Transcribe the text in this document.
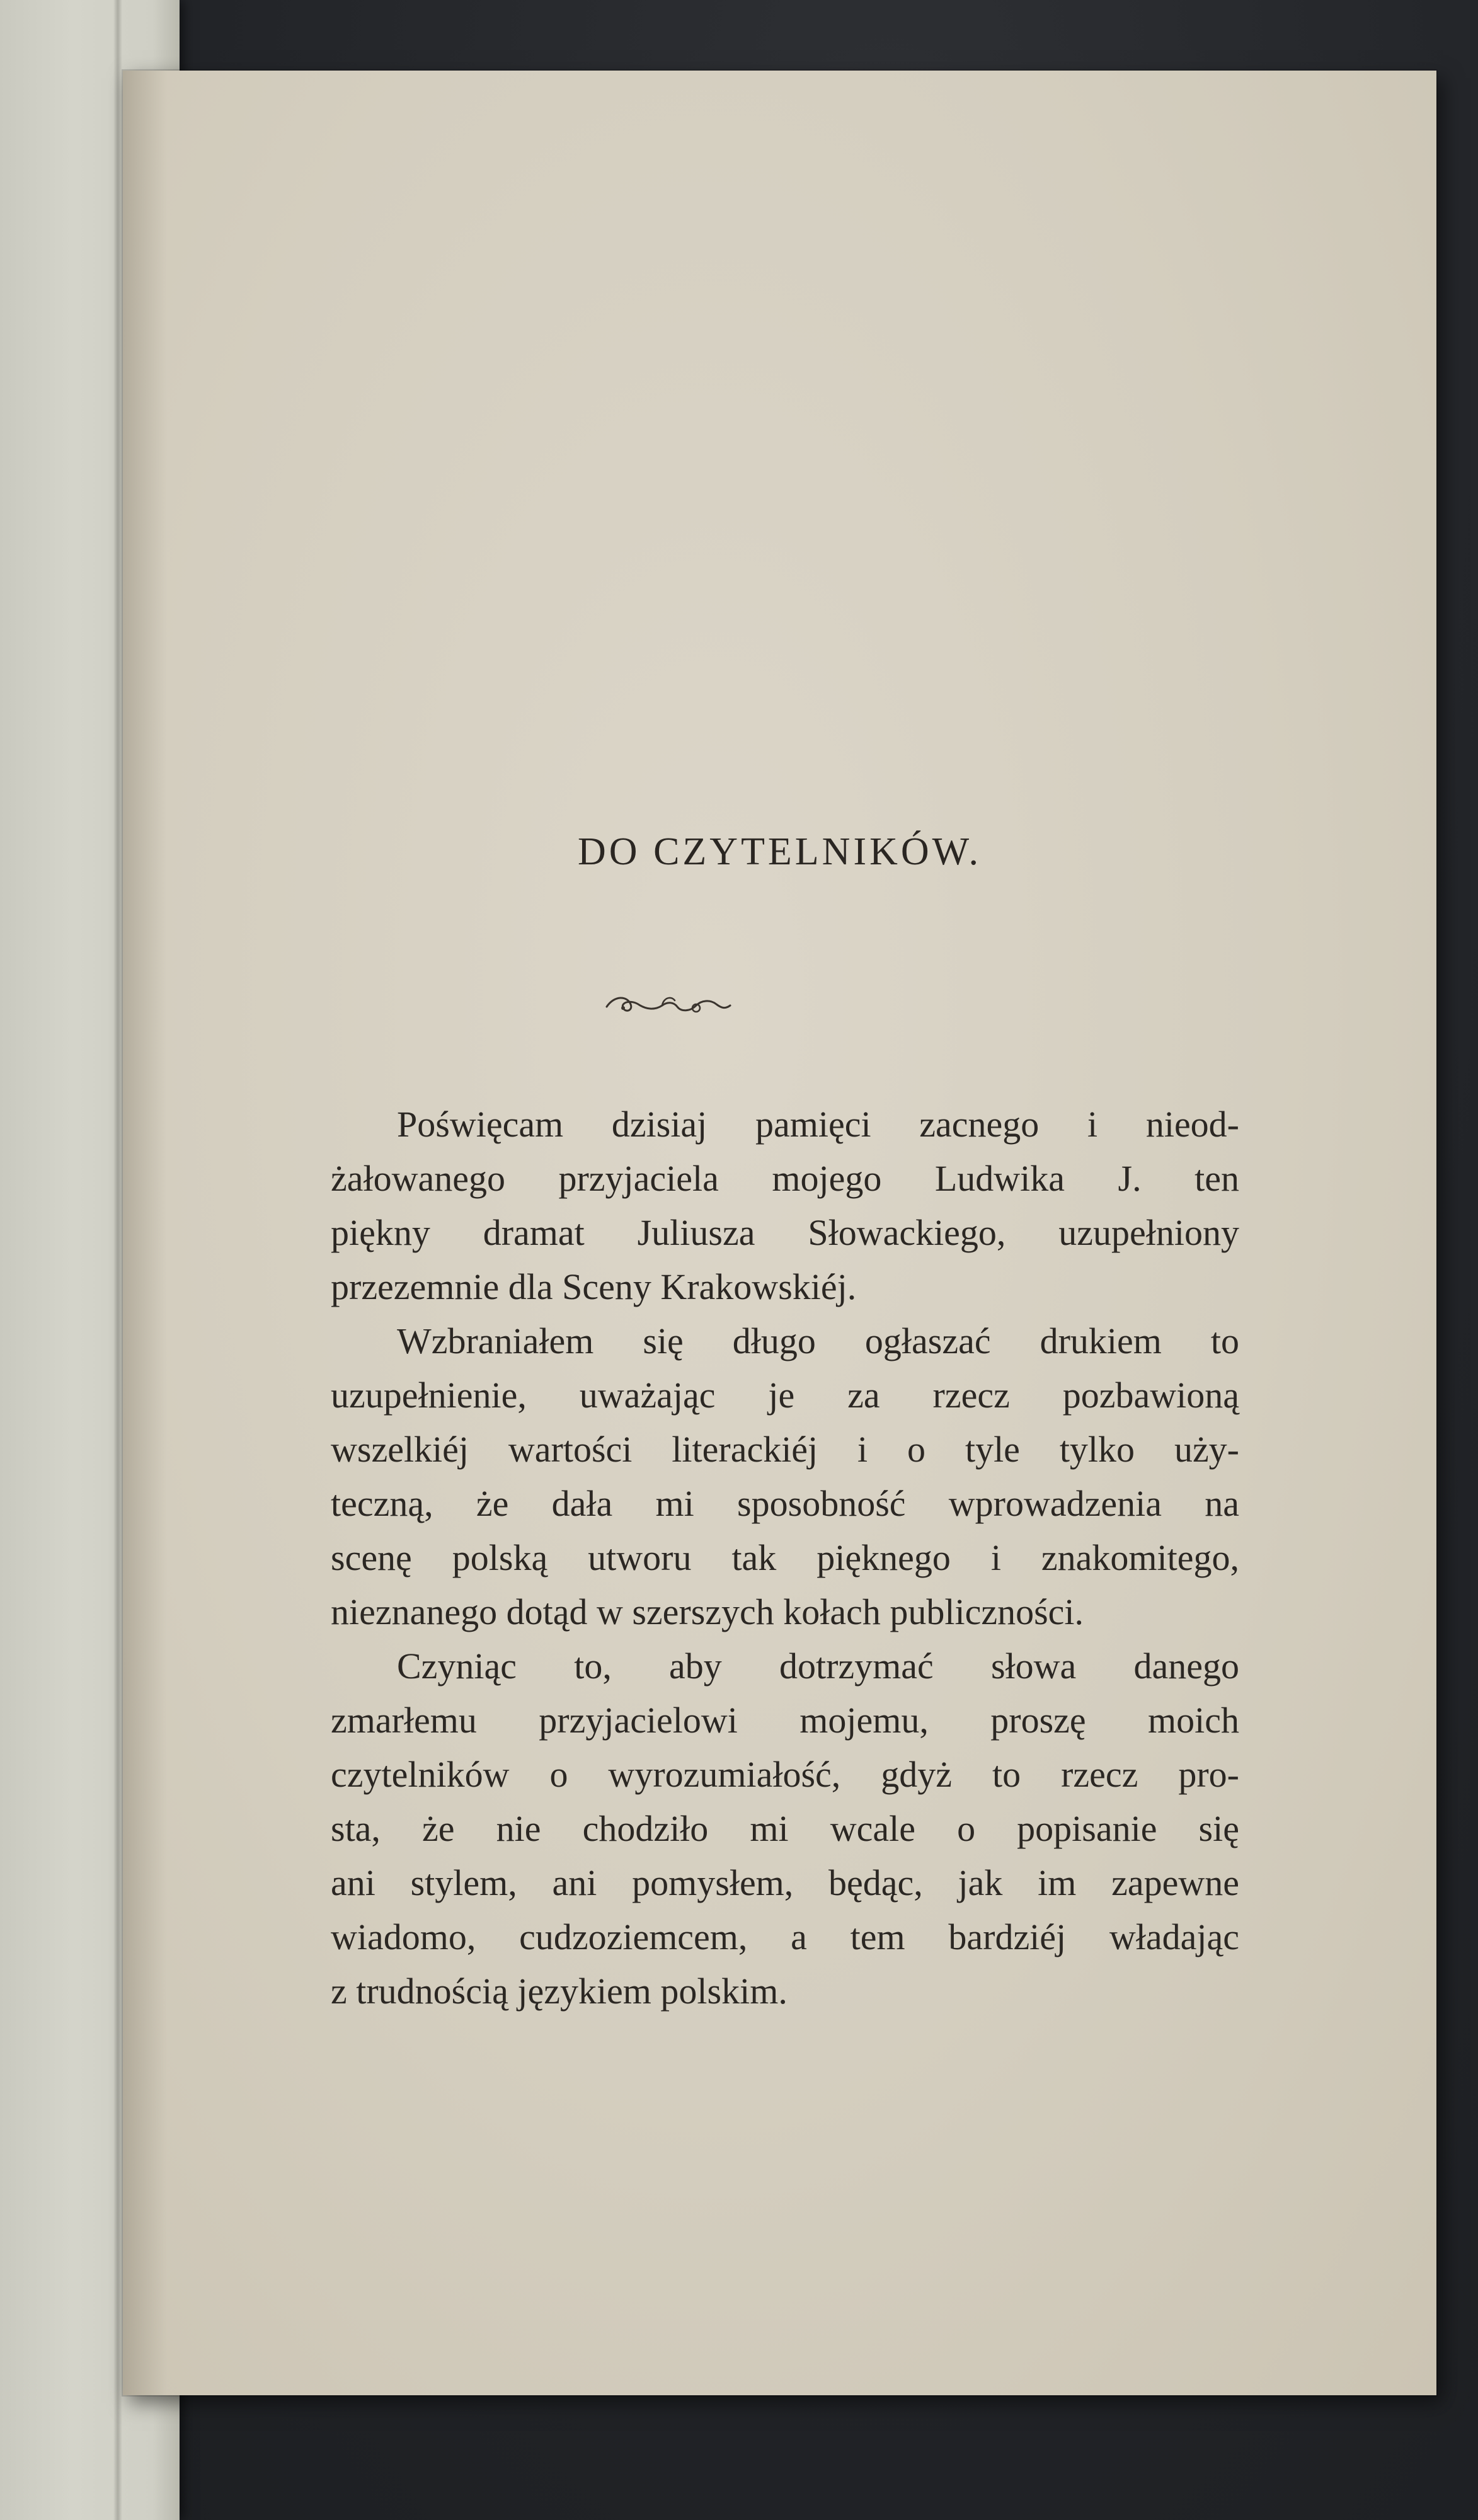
DO CZYTELNIKÓW.

Poświęcam dzisiaj pamięci zacnego i nieod-
żałowanego przyjaciela mojego Ludwika J. ten
piękny dramat Juliusza Słowackiego, uzupełniony
przezemnie dla Sceny Krakowskiéj.

Wzbraniałem się długo ogłaszać drukiem to
uzupełnienie, uważając je za rzecz pozbawioną
wszelkiéj wartości literackiéj i o tyle tylko uży-
teczną, że dała mi sposobność wprowadzenia na
scenę polską utworu tak pięknego i znakomitego,
nieznanego dotąd w szerszych kołach publiczności.

Czyniąc to, aby dotrzymać słowa danego
zmarłemu przyjacielowi mojemu, proszę moich
czytelników o wyrozumiałość, gdyż to rzecz pro-
sta, że nie chodziło mi wcale o popisanie się
ani stylem, ani pomysłem, będąc, jak im zapewne
wiadomo, cudzoziemcem, a tem bardziéj władając
z trudnością językiem polskim.
